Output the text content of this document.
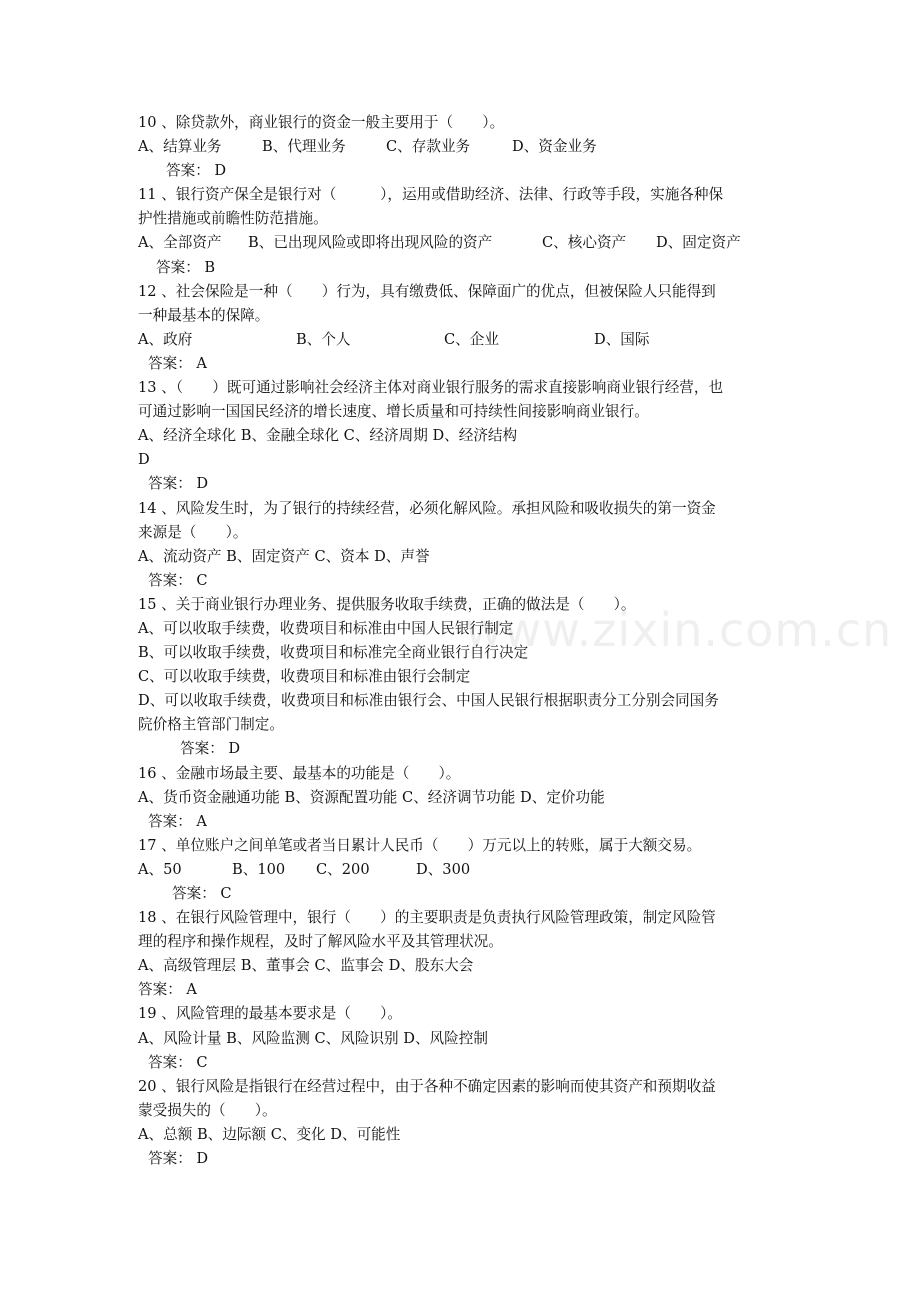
10 、除贷款外，商业银行的资金一般主要用于（　　）。
A、结算业务	B、代理业务	C、存款业务	D、资金业务
答案： D
11 、银行资产保全是银行对（　　　），运用或借助经济、法律、行政等手段，实施各种保
护性措施或前瞻性防范措施。
A、全部资产 B、已出现风险或即将出现风险的资产	C、核心资产 D、固定资产
答案： B
12 、社会保险是一种（　　）行为，具有缴费低、保障面广的优点，但被保险人只能得到
一种最基本的保障。
A、政府	B、个人	C、企业	D、国际
答案： A
13 、（　　）既可通过影响社会经济主体对商业银行服务的需求直接影响商业银行经营，也
可通过影响一国国民经济的增长速度、增长质量和可持续性间接影响商业银行。
A、经济全球化 B、金融全球化 C、经济周期 D、经济结构
D
答案： D
14 、风险发生时，为了银行的持续经营，必须化解风险。承担风险和吸收损失的第一资金
来源是（　　）。
A、流动资产 B、固定资产 C、资本 D、声誉
答案： C
15 、关于商业银行办理业务、提供服务收取手续费，正确的做法是（　　）。
A、可以收取手续费，收费项目和标准由中国人民银行制定
B、可以收取手续费，收费项目和标准完全商业银行自行决定
C、可以收取手续费，收费项目和标准由银行会制定
D、可以收取手续费，收费项目和标准由银行会、中国人民银行根据职责分工分别会同国务
院价格主管部门制定。
答案： D
16 、金融市场最主要、最基本的功能是（　　）。
A、货币资金融通功能 B、资源配置功能 C、经济调节功能 D、定价功能
答案： A
17 、单位账户之间单笔或者当日累计人民币（　　）万元以上的转账，属于大额交易。
A、50	B、100 C、200	D、300
答案： C
18 、在银行风险管理中，银行（　　）的主要职责是负责执行风险管理政策，制定风险管
理的程序和操作规程，及时了解风险水平及其管理状况。
A、高级管理层 B、董事会 C、监事会 D、股东大会
答案： A
19 、风险管理的最基本要求是（　　）。
A、风险计量 B、风险监测 C、风险识别 D、风险控制
答案： C
20 、银行风险是指银行在经营过程中，由于各种不确定因素的影响而使其资产和预期收益
蒙受损失的（　　）。
A、总额 B、边际额 C、变化 D、可能性
答案： D
www.zixin.com.cn
